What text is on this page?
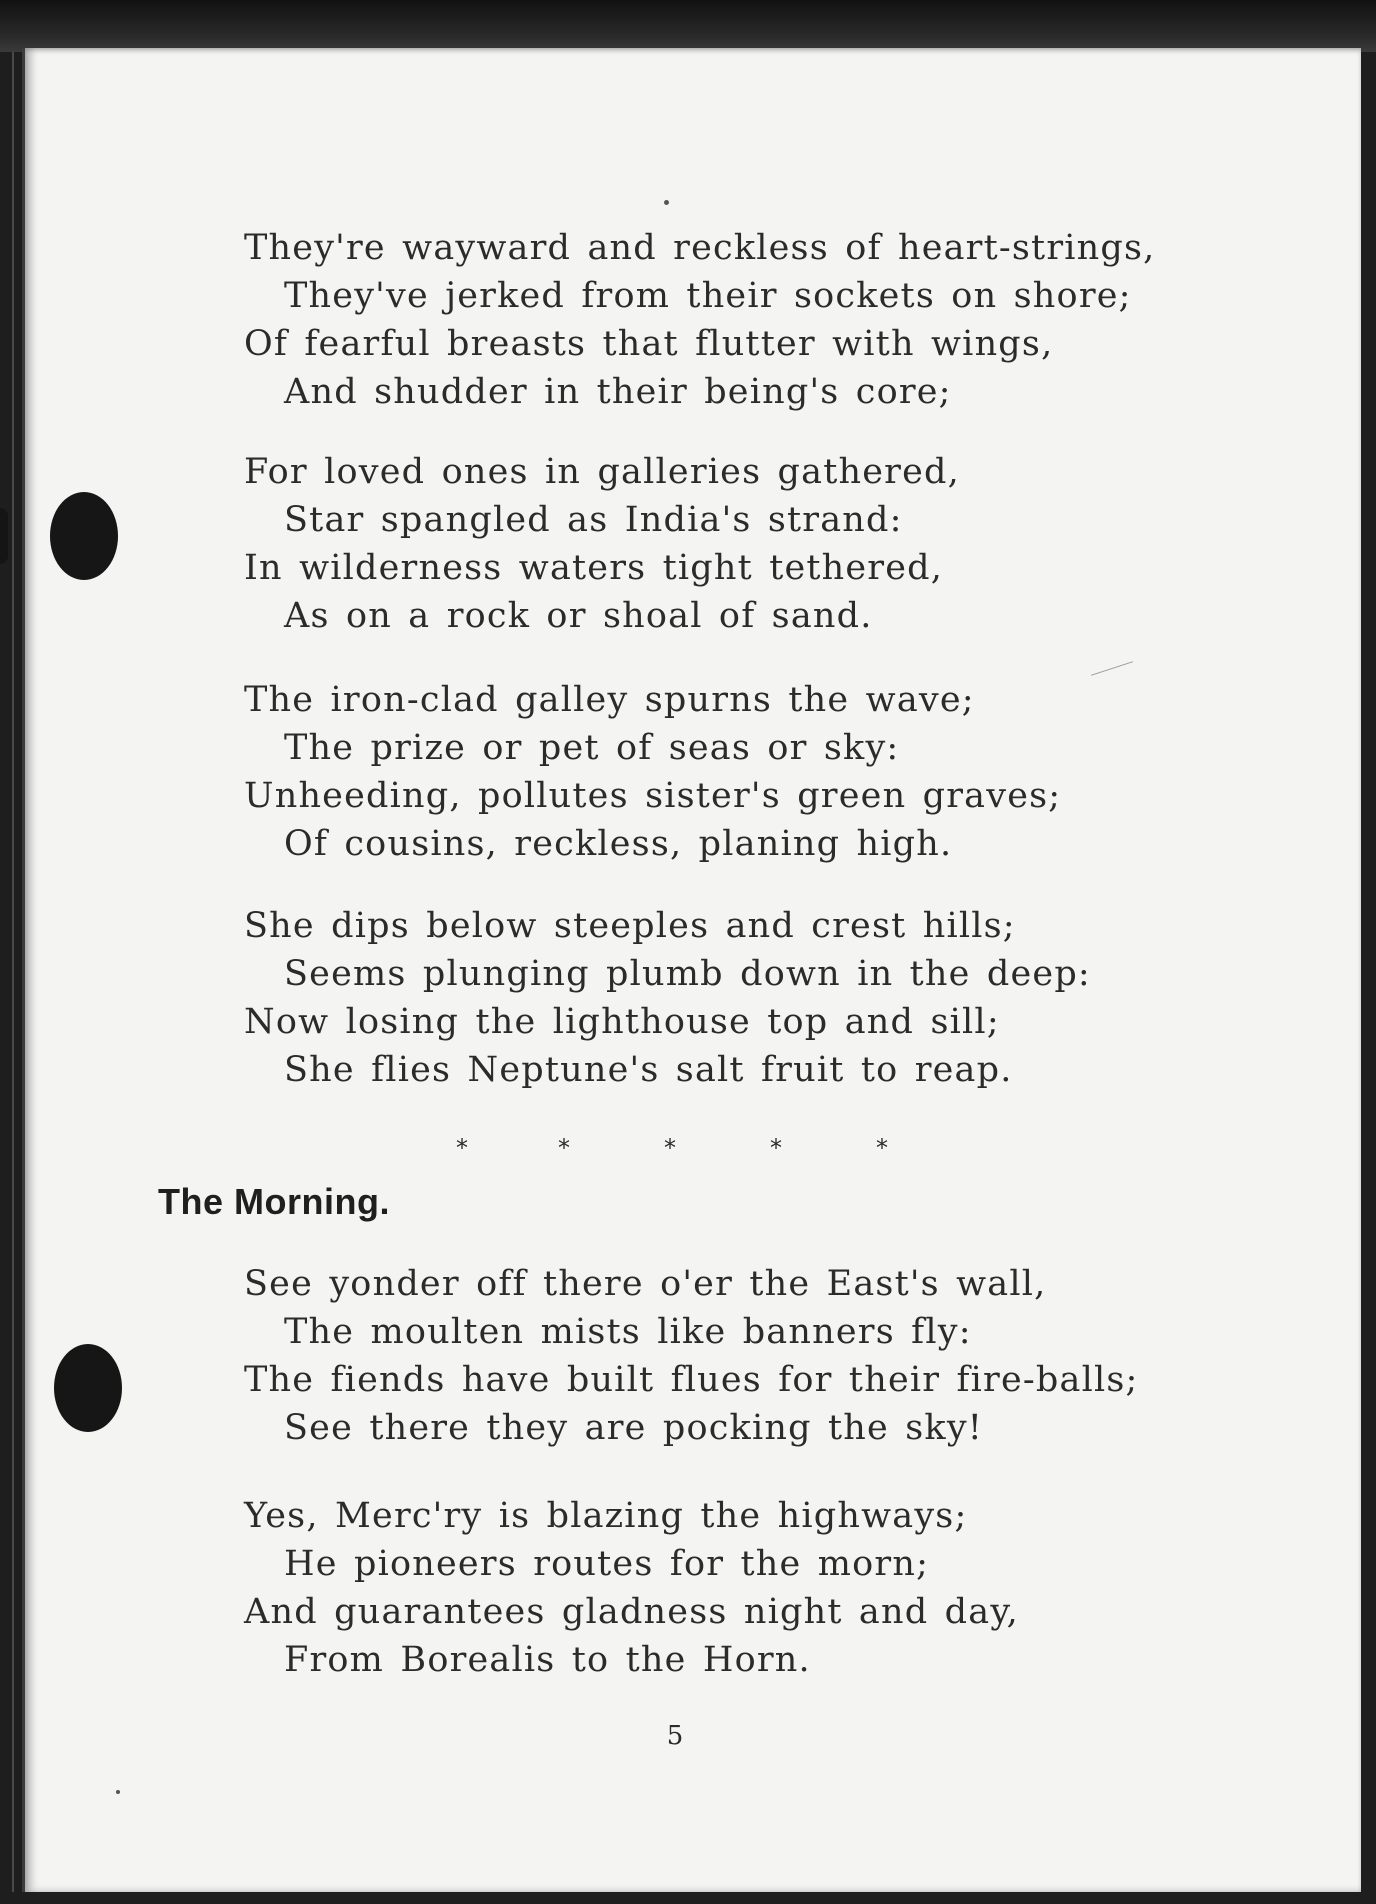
They're wayward and reckless of heart-strings,
They've jerked from their sockets on shore;
Of fearful breasts that flutter with wings,
And shudder in their being's core;
For loved ones in galleries gathered,
Star spangled as India's strand:
In wilderness waters tight tethered,
As on a rock or shoal of sand.
The iron-clad galley spurns the wave;
The prize or pet of seas or sky:
Unheeding, pollutes sister's green graves;
Of cousins, reckless, planing high.
She dips below steeples and crest hills;
Seems plunging plumb down in the deep:
Now losing the lighthouse top and sill;
She flies Neptune's salt fruit to reap.
*	*	*	*	*
The Morning.
See yonder off there o'er the East's wall,
The moulten mists like banners fly:
The fiends have built flues for their fire-balls;
See there they are pocking the sky!
Yes, Merc'ry is blazing the highways;
He pioneers routes for the morn;
And guarantees gladness night and day,
From Borealis to the Horn.
5
